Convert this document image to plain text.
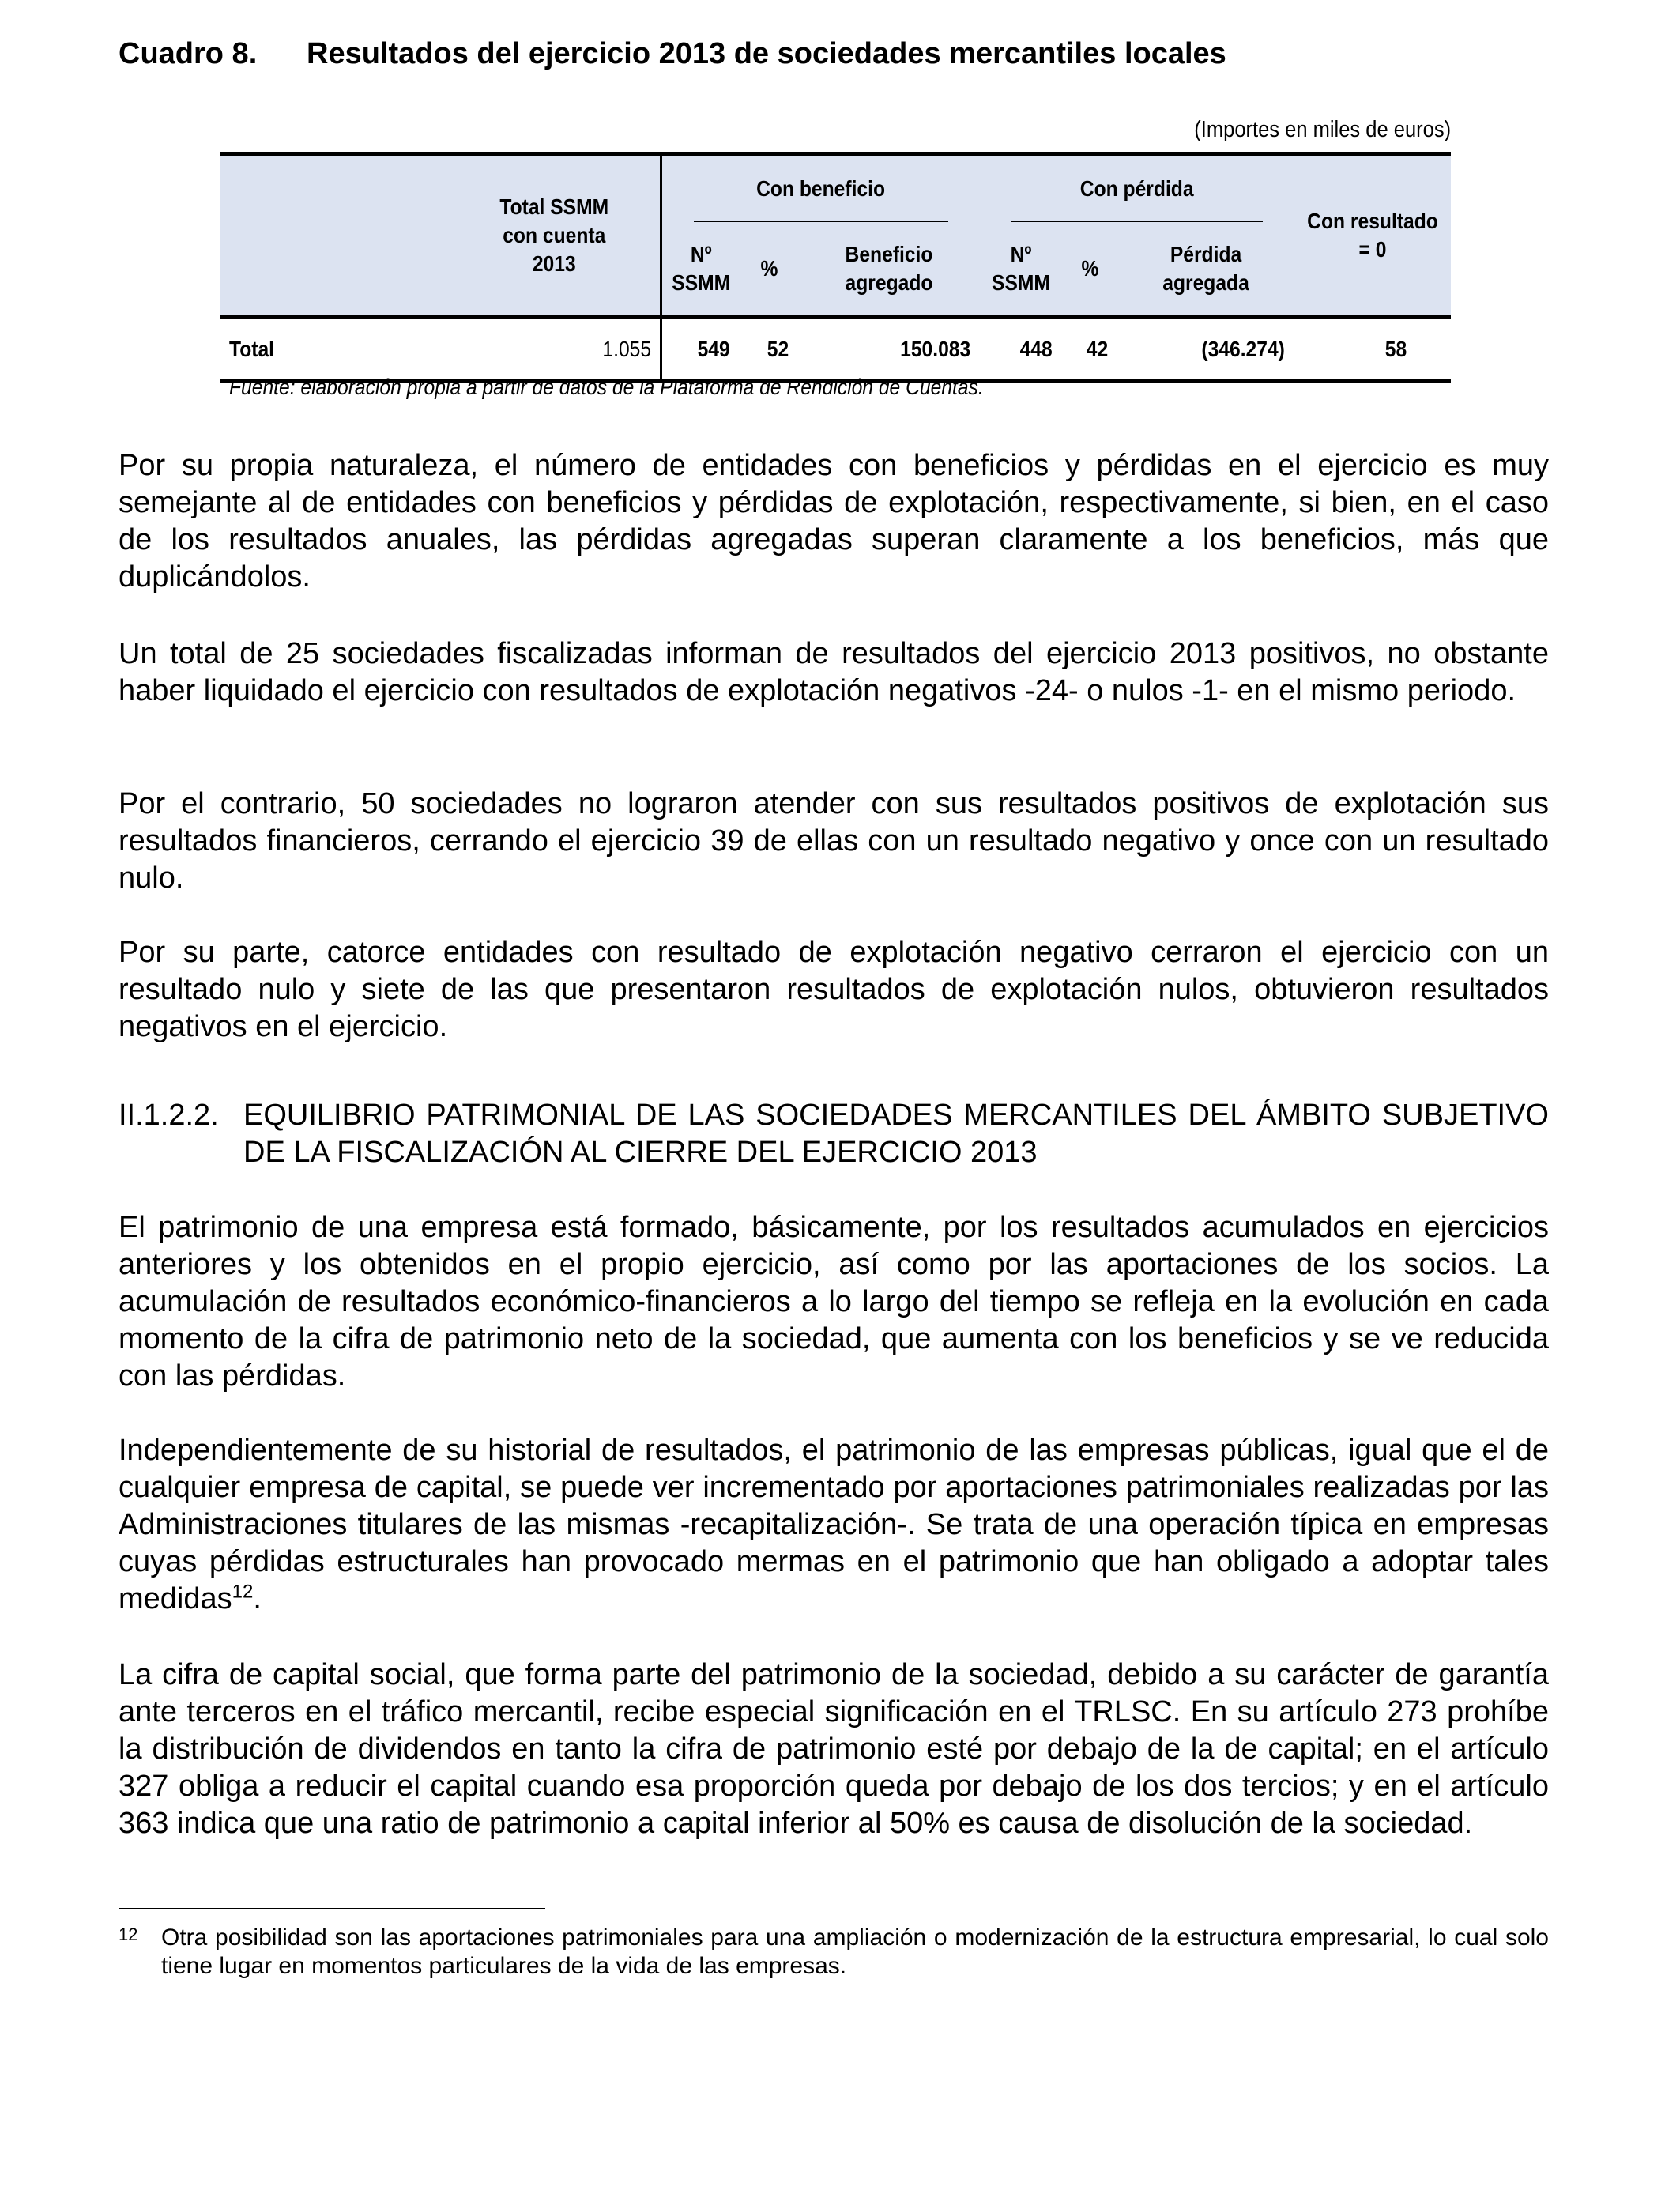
Cuadro 8. Resultados del ejercicio 2013 de sociedades mercantiles locales
(Importes en miles de euros)
	Total SSMM con cuenta 2013	Con beneficio			Con pérdida			Con resultado = 0
		Nº SSMM	%	Beneficio agregado	Nº SSMM	%	Pérdida agregada	
Total	1.055	549	52	150.083	448	42	(346.274)	58
Fuente: elaboración propia a partir de datos de la Plataforma de Rendición de Cuentas.

Por su propia naturaleza, el número de entidades con beneficios y pérdidas en el ejercicio es muy semejante al de entidades con beneficios y pérdidas de explotación, respectivamente, si bien, en el caso de los resultados anuales, las pérdidas agregadas superan claramente a los beneficios, más que duplicándolos.

Un total de 25 sociedades fiscalizadas informan de resultados del ejercicio 2013 positivos, no obstante haber liquidado el ejercicio con resultados de explotación negativos -24- o nulos -1- en el mismo periodo.

Por el contrario, 50 sociedades no lograron atender con sus resultados positivos de explotación sus resultados financieros, cerrando el ejercicio 39 de ellas con un resultado negativo y once con un resultado nulo.

Por su parte, catorce entidades con resultado de explotación negativo cerraron el ejercicio con un resultado nulo y siete de las que presentaron resultados de explotación nulos, obtuvieron resultados negativos en el ejercicio.

II.1.2.2. EQUILIBRIO PATRIMONIAL DE LAS SOCIEDADES MERCANTILES DEL ÁMBITO SUBJETIVO DE LA FISCALIZACIÓN AL CIERRE DEL EJERCICIO 2013

El patrimonio de una empresa está formado, básicamente, por los resultados acumulados en ejercicios anteriores y los obtenidos en el propio ejercicio, así como por las aportaciones de los socios. La acumulación de resultados económico-financieros a lo largo del tiempo se refleja en la evolución en cada momento de la cifra de patrimonio neto de la sociedad, que aumenta con los beneficios y se ve reducida con las pérdidas.

Independientemente de su historial de resultados, el patrimonio de las empresas públicas, igual que el de cualquier empresa de capital, se puede ver incrementado por aportaciones patrimoniales realizadas por las Administraciones titulares de las mismas -recapitalización-. Se trata de una operación típica en empresas cuyas pérdidas estructurales han provocado mermas en el patrimonio que han obligado a adoptar tales medidas$^{12}$.

La cifra de capital social, que forma parte del patrimonio de la sociedad, debido a su carácter de garantía ante terceros en el tráfico mercantil, recibe especial significación en el TRLSC. En su artículo 273 prohíbe la distribución de dividendos en tanto la cifra de patrimonio esté por debajo de la de capital; en el artículo 327 obliga a reducir el capital cuando esa proporción queda por debajo de los dos tercios; y en el artículo 363 indica que una ratio de patrimonio a capital inferior al 50% es causa de disolución de la sociedad.

12 Otra posibilidad son las aportaciones patrimoniales para una ampliación o modernización de la estructura empresarial, lo cual solo tiene lugar en momentos particulares de la vida de las empresas.
